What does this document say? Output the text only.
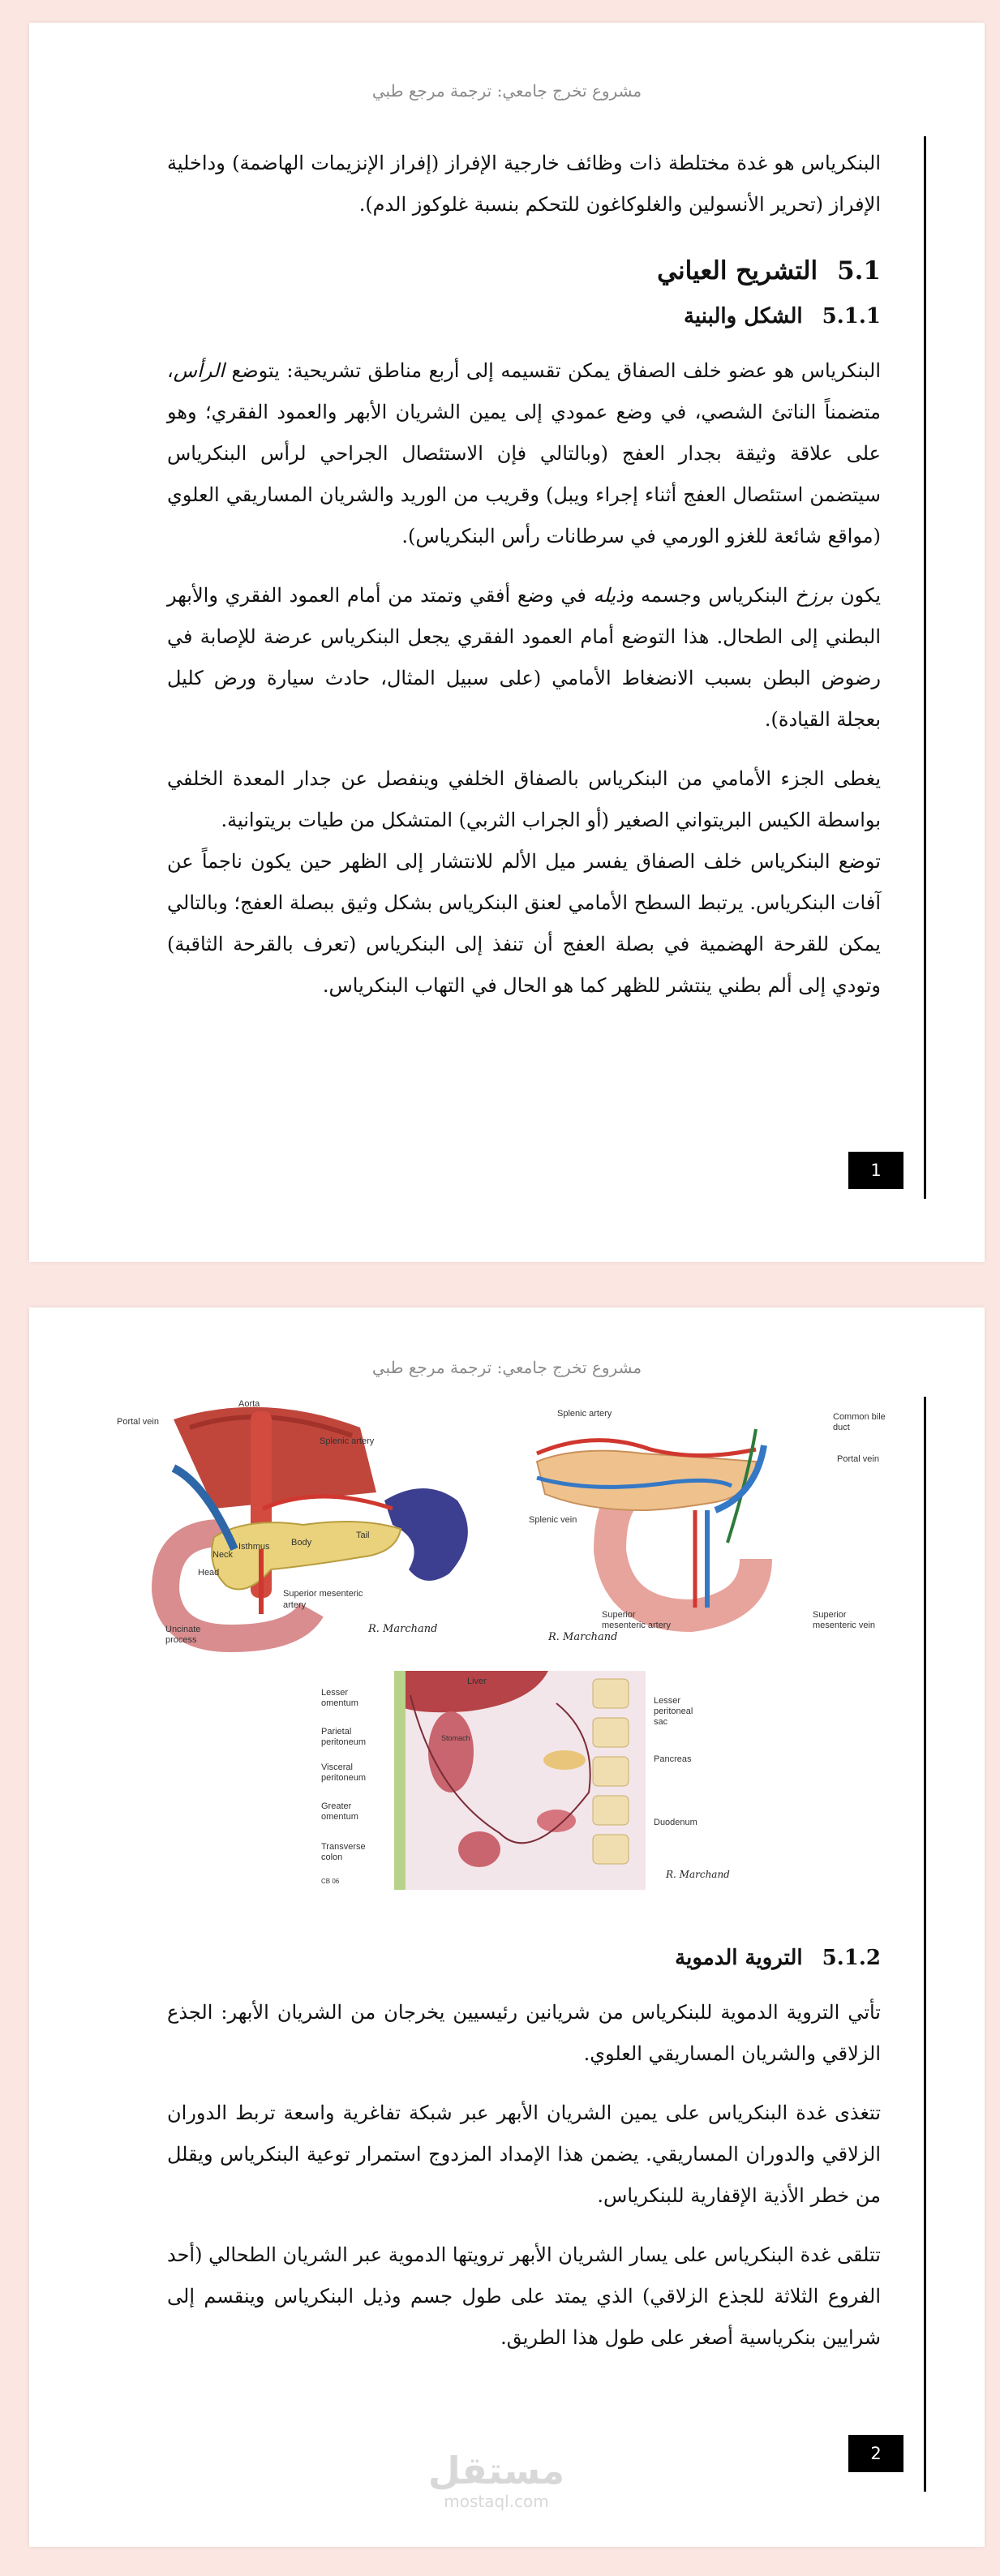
مشروع تخرج جامعي: ترجمة مرجع طبي

البنكرياس هو غدة مختلطة ذات وظائف خارجية الإفراز (إفراز الإنزيمات الهاضمة) وداخلية الإفراز (تحرير الأنسولين والغلوكاغون للتحكم بنسبة غلوكوز الدم).

5.1التشريح العياني
5.1.1الشكل والبنية

البنكرياس هو عضو خلف الصفاق يمكن تقسيمه إلى أربع مناطق تشريحية: يتوضع الرأس، متضمناً الناتئ الشصي، في وضع عمودي إلى يمين الشريان الأبهر والعمود الفقري؛ وهو على علاقة وثيقة بجدار العفج (وبالتالي فإن الاستئصال الجراحي لرأس البنكرياس سيتضمن استئصال العفج أثناء إجراء ويبل) وقريب من الوريد والشريان المساريقي العلوي (مواقع شائعة للغزو الورمي في سرطانات رأس البنكرياس).

يكون برزخ البنكرياس وجسمه وذيله في وضع أفقي وتمتد من أمام العمود الفقري والأبهر البطني إلى الطحال. هذا التوضع أمام العمود الفقري يجعل البنكرياس عرضة للإصابة في رضوض البطن بسبب الانضغاط الأمامي (على سبيل المثال، حادث سيارة ورض كليل بعجلة القيادة).

يغطى الجزء الأمامي من البنكرياس بالصفاق الخلفي وينفصل عن جدار المعدة الخلفي بواسطة الكيس البريتواني الصغير (أو الجراب الثربي) المتشكل من طيات بريتوانية.

توضع البنكرياس خلف الصفاق يفسر ميل الألم للانتشار إلى الظهر حين يكون ناجماً عن آفات البنكرياس. يرتبط السطح الأمامي لعنق البنكرياس بشكل وثيق ببصلة العفج؛ وبالتالي يمكن للقرحة الهضمية في بصلة العفج أن تنفذ إلى البنكرياس (تعرف بالقرحة الثاقبة) وتودي إلى ألم بطني ينتشر للظهر كما هو الحال في التهاب البنكرياس.

1
مشروع تخرج جامعي: ترجمة مرجع طبي
Aorta
Portal vein
Splenic artery
Isthmus Body
Tail
Neck
Head
Superior mesenteric
artery
Uncinate
process
R. Marchand
Splenic artery	Common bile
duct
Portal vein
Splenic vein
Superior
mesenteric artery
Superior
mesenteric vein
R. Marchand
Liver
Stomach
Lesser
omentum
Parietal
peritoneum
Visceral
peritoneum
Greater
omentum
Transverse
colon
CB 06
Lesser
peritoneal
sac
Pancreas
Duodenum
R. Marchand
5.1.2التروية الدموية

تأتي التروية الدموية للبنكرياس من شريانين رئيسيين يخرجان من الشريان الأبهر: الجذع الزلاقي والشريان المساريقي العلوي.

تتغذى غدة البنكرياس على يمين الشريان الأبهر عبر شبكة تفاغرية واسعة تربط الدوران الزلاقي والدوران المساريقي. يضمن هذا الإمداد المزدوج استمرار توعية البنكرياس ويقلل من خطر الأذية الإقفارية للبنكرياس.

تتلقى غدة البنكرياس على يسار الشريان الأبهر ترويتها الدموية عبر الشريان الطحالي (أحد الفروع الثلاثة للجذع الزلاقي) الذي يمتد على طول جسم وذيل البنكرياس وينقسم إلى شرايين بنكرياسية أصغر على طول هذا الطريق.

2
مستقل
mostaql.com
